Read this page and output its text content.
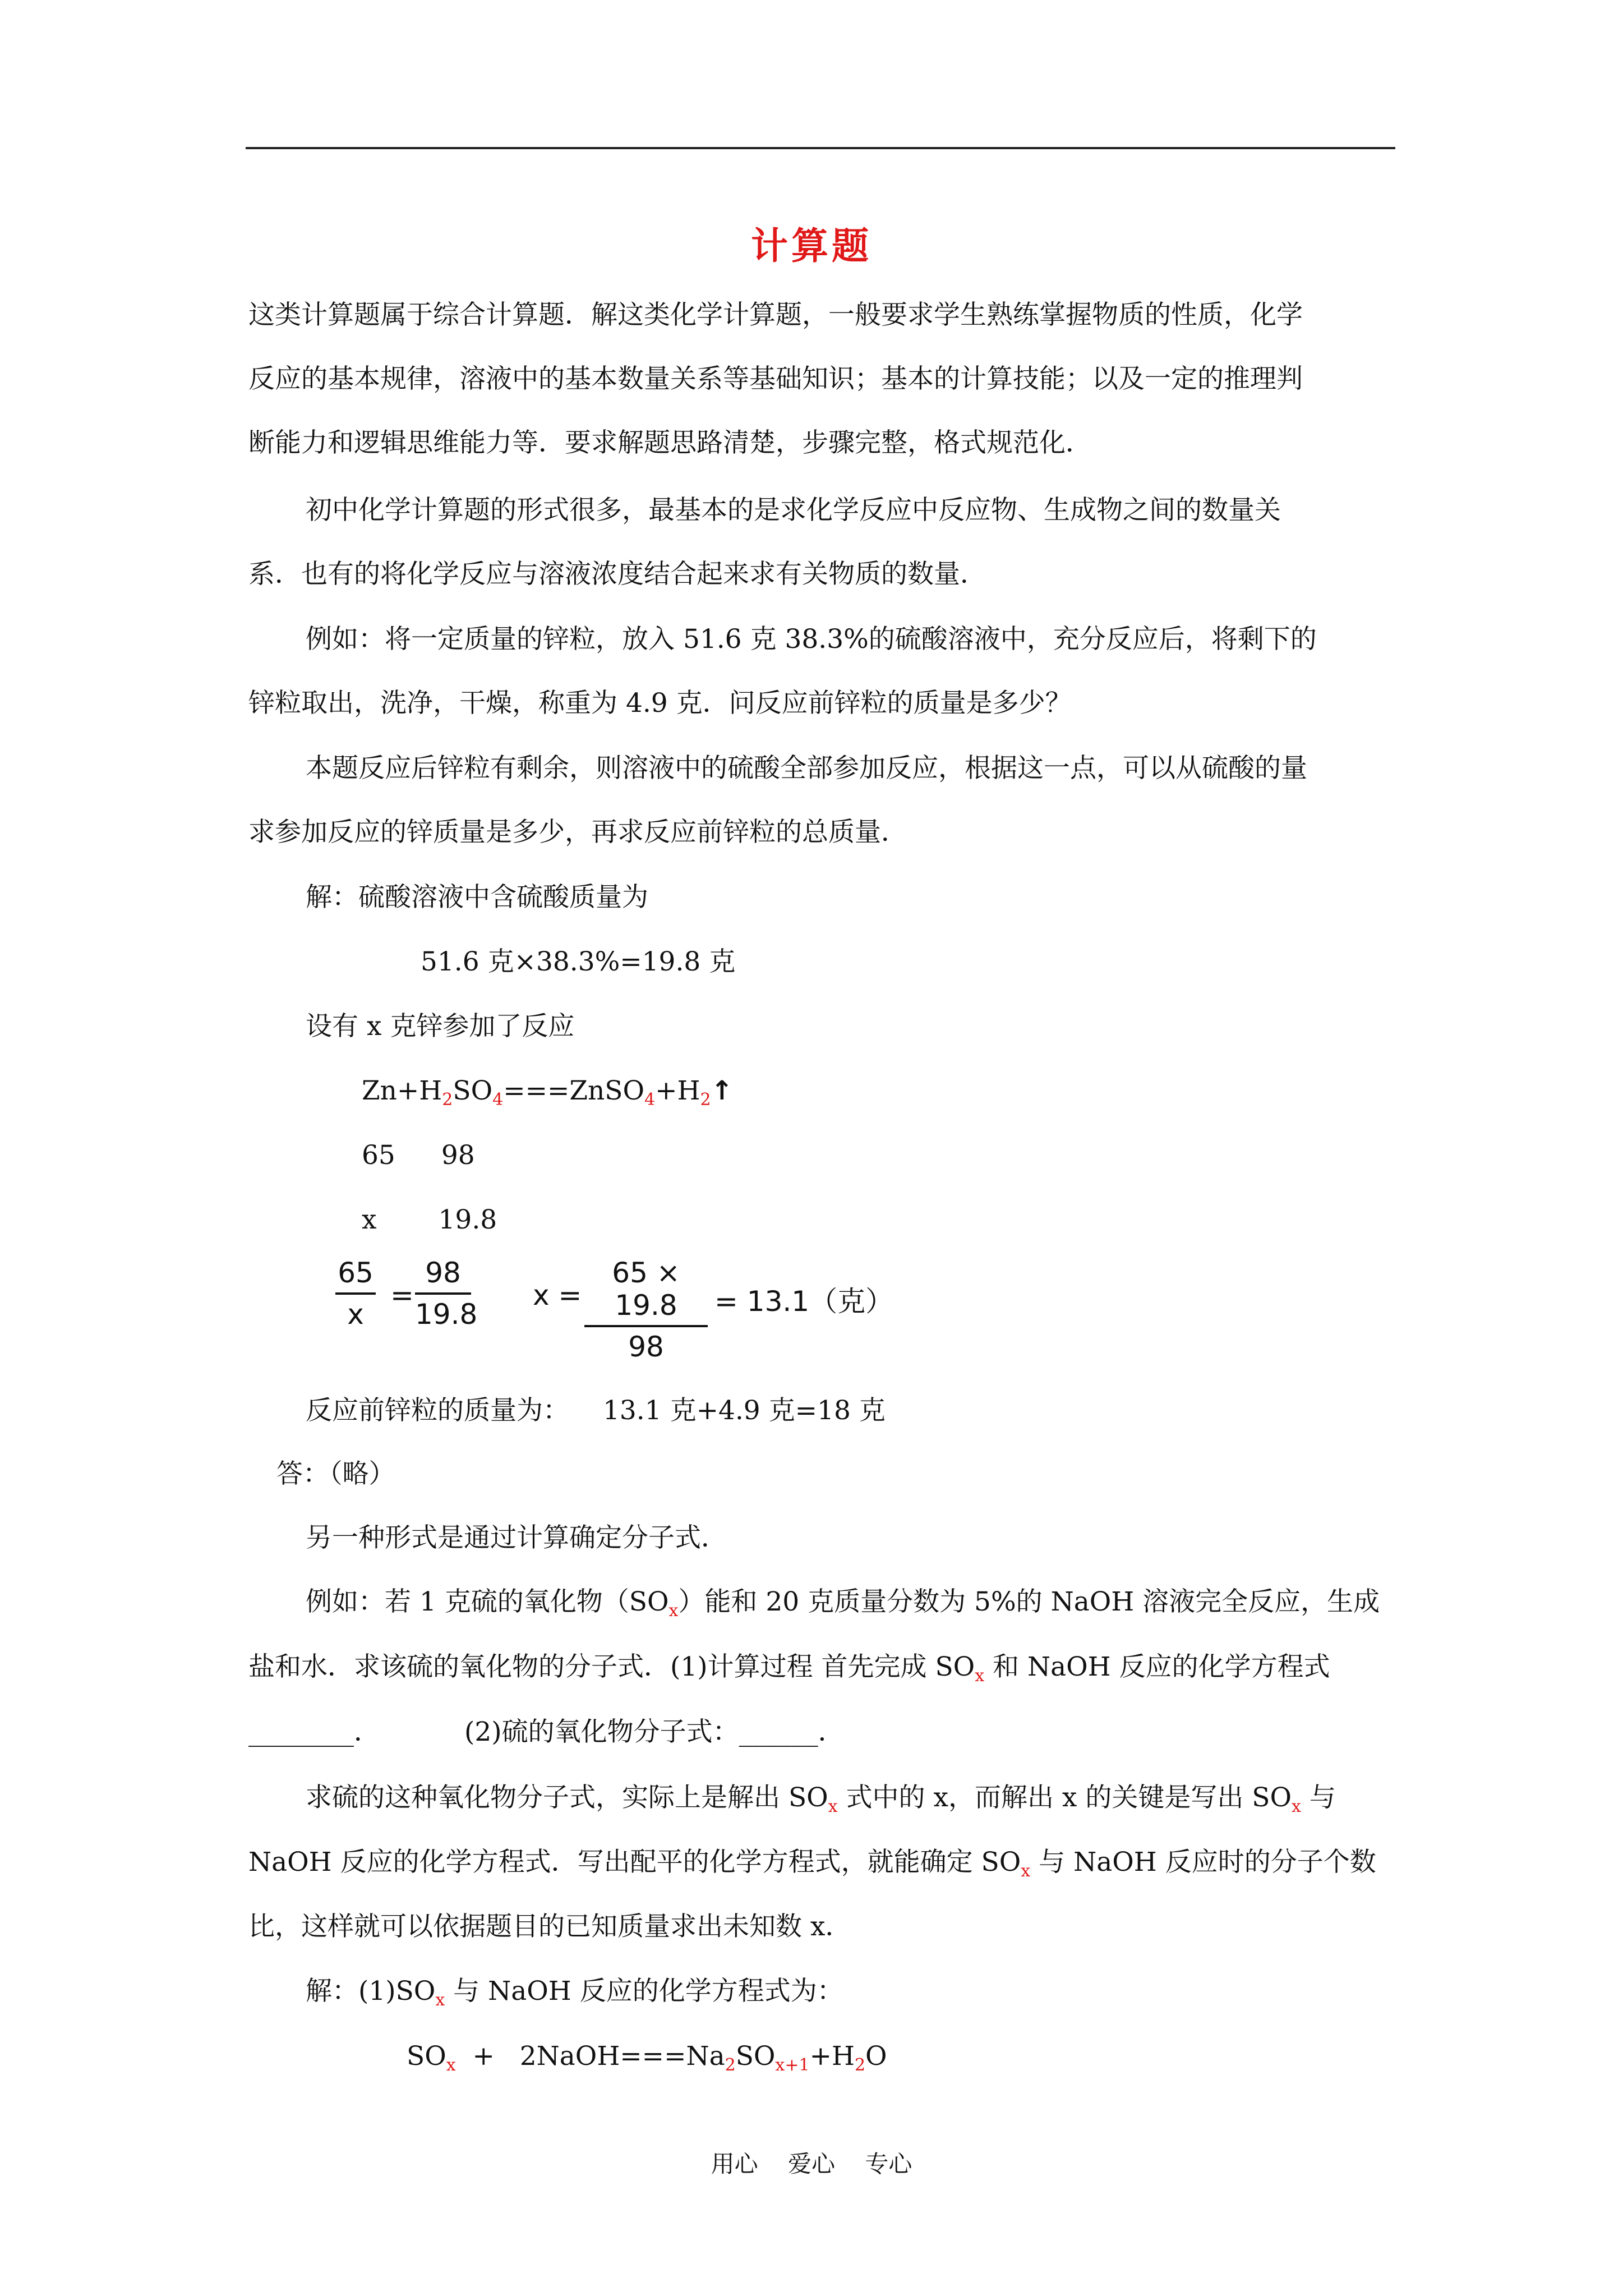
计算题
这类计算题属于综合计算题．解这类化学计算题，一般要求学生熟练掌握物质的性质，化学
反应的基本规律，溶液中的基本数量关系等基础知识；基本的计算技能；以及一定的推理判
断能力和逻辑思维能力等．要求解题思路清楚，步骤完整，格式规范化．
初中化学计算题的形式很多，最基本的是求化学反应中反应物、生成物之间的数量关
系．也有的将化学反应与溶液浓度结合起来求有关物质的数量．
例如：将一定质量的锌粒，放入 51.6 克 38.3%的硫酸溶液中，充分反应后，将剩下的
锌粒取出，洗净，干燥，称重为 4.9 克．问反应前锌粒的质量是多少？
本题反应后锌粒有剩余，则溶液中的硫酸全部参加反应，根据这一点，可以从硫酸的量
求参加反应的锌质量是多少，再求反应前锌粒的总质量．
解：硫酸溶液中含硫酸质量为
51.6 克×38.3%=19.8 克
设有 x 克锌参加了反应
$Zn+H_2SO_4===ZnSO_4+H_2↑$
65 98
x 19.8
65
x
=
98
19.8
x =
65 × 19.8
98
= 13.1（克）
反应前锌粒的质量为： 13.1 克+4.9 克=18 克
答：（略）
另一种形式是通过计算确定分子式．
例如：若 1 克硫的氧化物$(SO_x)$能和 20 克质量分数为 5%的 NaOH 溶液完全反应，生成
盐和水．求该硫的氧化物的分子式．(1)计算过程 首先完成 $SO_x$ 和 NaOH 反应的化学方程式
________．	(2)硫的氧化物分子式：______．
求硫的这种氧化物分子式，实际上是解出 $SO_x$ 式中的 x，而解出 x 的关键是写出 $SO_x$ 与
NaOH 反应的化学方程式．写出配平的化学方程式，就能确定 $SO_x$ 与 NaOH 反应时的分子个数
比，这样就可以依据题目的已知质量求出未知数 x．
解：$(1)SO_x$ 与 NaOH 反应的化学方程式为：
$SO_x$  +   $2NaOH===Na_2SO_{x+1}+H_2O$
用心 爱心 专心
